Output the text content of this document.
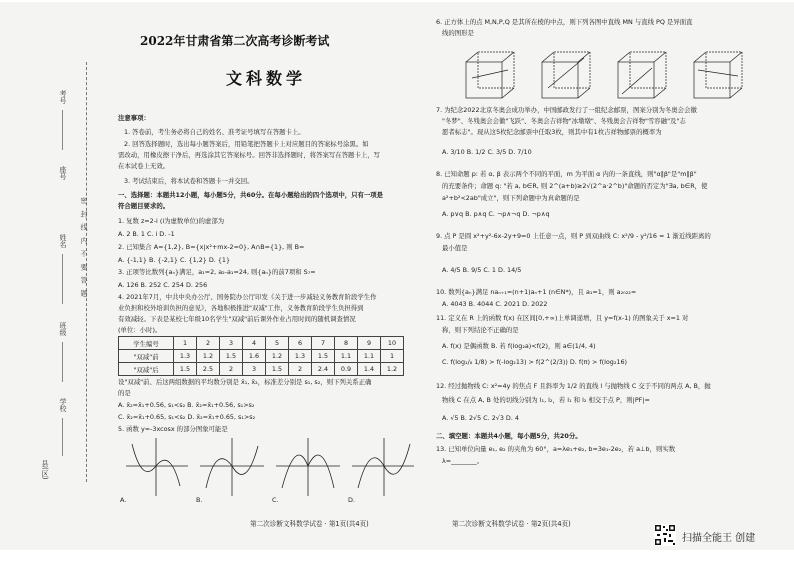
考号
姓名
座号
班级
学校
县(区)
密 封 线 内 不 要 答 题
2022年甘肃省第二次高考诊断考试
文科数学
注意事项：
1. 答卷前，考生务必将自己的姓名、准考证号填写在答题卡上。
2. 回答选择题时，选出每小题答案后，用铅笔把答题卡上对应题目的答案标号涂黑。如
需改动，用橡皮擦干净后，再选涂其它答案标号。回答非选择题时，将答案写在答题卡上，写
在本试卷上无效。
3. 考试结束后，将本试卷和答题卡一并交回。
一、选择题：本题共12小题，每小题5分，共60分。在每小题给出的四个选项中，只有一项是
符合题目要求的。
1. 复数 z=2-i (i为虚数单位)的虚部为
A. 2 B. 1 C. i D. -1
2. 已知集合 A={1,2}, B={x|x²+mx-2=0}, A∩B={1}, 则 B=
A. {-1,1} B. {-2,1} C. {1,2} D. {1}
3. 正项等比数列{aₙ}满足，a₁=2, a₂-a₁=24, 则{aₙ}的前7项和 S₇=
A. 126 B. 252 C. 254 D. 256
4. 2021年7月，中共中央办公厅、国务院办公厅印发《关于进一步减轻义务教育阶段学生作
业负担和校外培训负担的意见》，各地积极推进"双减"工作，义务教育阶段学生负担得到
有效减轻。下表是某校七年级10名学生"双减"前后课外作业占用时间的随机调查情况
(单位：小时)。
学生编号	1	2	3	4	5	6	7	8	9	10
"双减"前	1.3	1.2	1.5	1.6	1.2	1.3	1.5	1.1	1.1	1
"双减"后	1.5	2.5	2	3	1.5	2	2.4	0.9	1.4	1.2
设"双减"前、后这两组数据的平均数分别是 x̄₁, x̄₂，标准差分别是 s₁, s₂，则下列关系正确
的是
A. x̄₂=x̄₁+0.56, s₁<s₂ B. x̄₂=x̄₁+0.56, s₁>s₂
C. x̄₂=x̄₁+0.65, s₁<s₂ D. x̄₂=x̄₁+0.65, s₁>s₂
5. 函数 y=-3xcosx 的部分图象可能是
A.	B.	C.	D.
第二次诊断文科数学试卷 · 第1页(共4页)
6. 正方体上的点 M,N,P,Q 是其所在棱的中点，则下列各图中直线 MN 与直线 PQ 是异面直
线的图形是
7. 为纪念2022北京冬奥会成功举办，中国邮政发行了一组纪念邮票，图案分别为冬奥会会徽
"冬梦"、冬残奥会会徽"飞跃"、冬奥会吉祥物"冰墩墩"、冬残奥会吉祥物"雪容融"及"志
愿者标志"。现从这5枚纪念邮票中任取3枚，则其中有1枚吉祥物邮票的概率为
A. 3/10 B. 1/2 C. 3/5 D. 7/10
8. 已知命题 p: 若 α, β 表示两个不同的平面，m 为平面 α 内的一条直线，则"α∥β"是"m∥β"
的充要条件；命题 q: "若 a, b∈R, 则 2^(a+b)≥2√(2^a·2^b)"命题的否定为"∃a, b∈R，使
a²+b²<2ab"成立"，则下列命题中为真命题的是
A. p∨q B. p∧q C. ¬p∧¬q D. ¬p∧q
9. 点 P 是圆 x²+y²-6x-2y+9=0 上任意一点，则 P 到双曲线 C: x²/9 - y²/16 = 1 渐近线距离的
最小值是
A. 4/5 B. 9/5 C. 1 D. 14/5
10. 数列{aₙ}满足 naₙ₊₁=(n+1)aₙ+1 (n∈N*)，且 a₁=1，则 a₂₀₂₂=
A. 4043 B. 4044 C. 2021 D. 2022
11. 定义在 R 上的函数 f(x) 在区间[0,+∞)上单调递增，且 y=f(x-1) 的图象关于 x=1 对
称，则下列结论不正确的是
A. f(x) 是偶函数 B. 若 f(log₂a)<f(2)，则 a∈(1/4, 4)
C. f(log₁/₈ 1/8) > f(-log₂13) > f(2^(2/3)) D. f(π) > f(log₂16)
12. 经过抛物线 C: x²=4y 的焦点 F 且斜率为 1/2 的直线 l 与抛物线 C 交于不同的两点 A, B，抛
物线 C 在点 A, B 处的切线分别为 l₁, l₂，若 l₁ 和 l₂ 相交于点 P，则|PF|=
A. √5 B. 2√5 C. 2√3 D. 4
二、填空题：本题共4小题，每小题5分，共20分。
13. 已知单位向量 e₁, e₂ 的夹角为 60°，a=λe₁+e₂, b=3e₁-2e₂，若 a⊥b，则实数
λ=________。
第二次诊断文科数学试卷 · 第2页(共4页)
扫描全能王 创建
